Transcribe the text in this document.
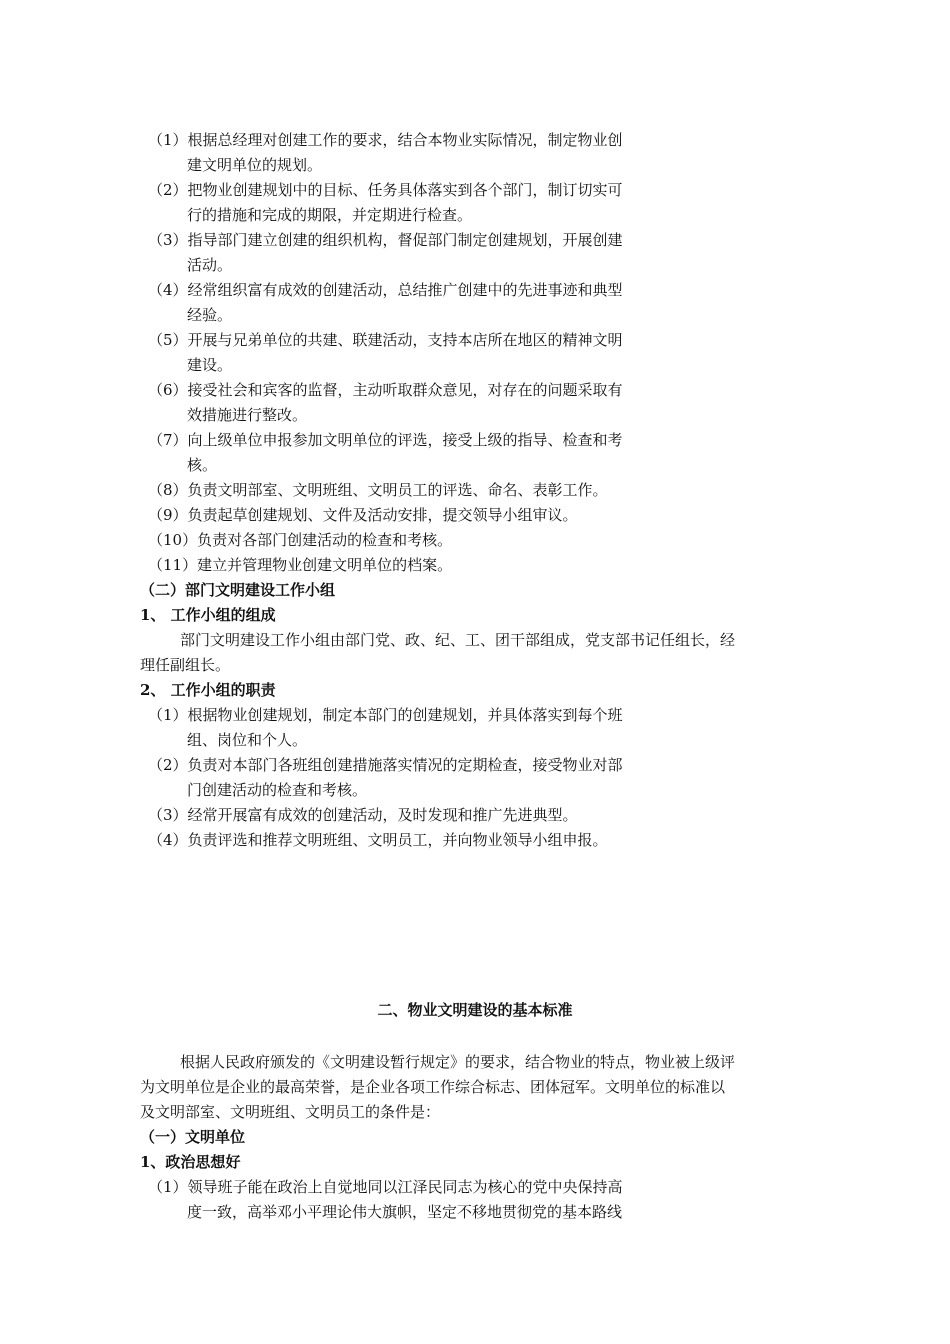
（1）根据总经理对创建工作的要求，结合本物业实际情况，制定物业创
建文明单位的规划。
（2）把物业创建规划中的目标、任务具体落实到各个部门，制订切实可
行的措施和完成的期限，并定期进行检查。
（3）指导部门建立创建的组织机构，督促部门制定创建规划，开展创建
活动。
（4）经常组织富有成效的创建活动，总结推广创建中的先进事迹和典型
经验。
（5）开展与兄弟单位的共建、联建活动，支持本店所在地区的精神文明
建设。
（6）接受社会和宾客的监督，主动听取群众意见，对存在的问题采取有
效措施进行整改。
（7）向上级单位申报参加文明单位的评选，接受上级的指导、检查和考
核。
（8）负责文明部室、文明班组、文明员工的评选、命名、表彰工作。
（9）负责起草创建规划、文件及活动安排，提交领导小组审议。
（10）负责对各部门创建活动的检查和考核。
（11）建立并管理物业创建文明单位的档案。
（二）部门文明建设工作小组
1、 工作小组的组成
部门文明建设工作小组由部门党、政、纪、工、团干部组成，党支部书记任组长，经
理任副组长。
2、 工作小组的职责
（1）根据物业创建规划，制定本部门的创建规划，并具体落实到每个班
组、岗位和个人。
（2）负责对本部门各班组创建措施落实情况的定期检查，接受物业对部
门创建活动的检查和考核。
（3）经常开展富有成效的创建活动，及时发现和推广先进典型。
（4）负责评选和推荐文明班组、文明员工，并向物业领导小组申报。
二、物业文明建设的基本标准
根据人民政府颁发的《文明建设暂行规定》的要求，结合物业的特点，物业被上级评
为文明单位是企业的最高荣誉，是企业各项工作综合标志、团体冠军。文明单位的标准以
及文明部室、文明班组、文明员工的条件是：
（一）文明单位
1、政治思想好
（1）领导班子能在政治上自觉地同以江泽民同志为核心的党中央保持高
度一致，高举邓小平理论伟大旗帜，坚定不移地贯彻党的基本路线
